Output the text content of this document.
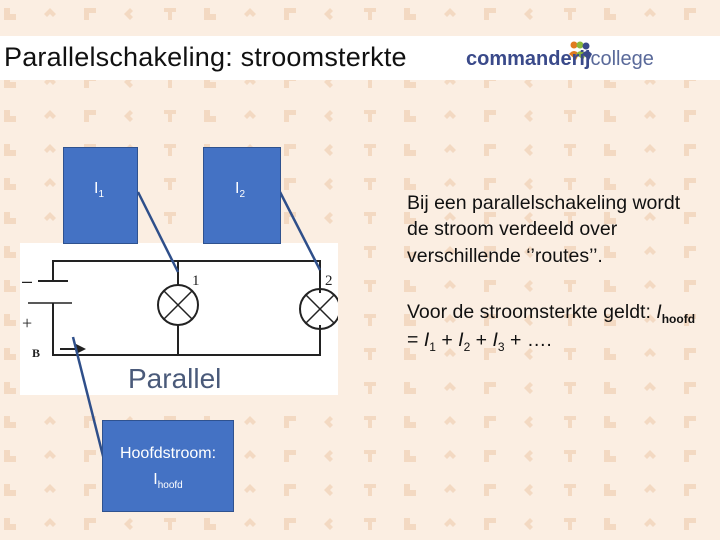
Parallelschakeling: stroomsterkte	commanderijcollege
–
+
B
1	2
Parallel
$I_1$	$I_2$
Hoofdstroom:
$I_{hoofd}$

Bij een parallelschakeling wordt de stroom verdeeld over verschillende ‘’routes’’.

Voor de stroomsterkte geldt: $I_{hoofd} = I_1 + I_2 + I_3$ + ….
